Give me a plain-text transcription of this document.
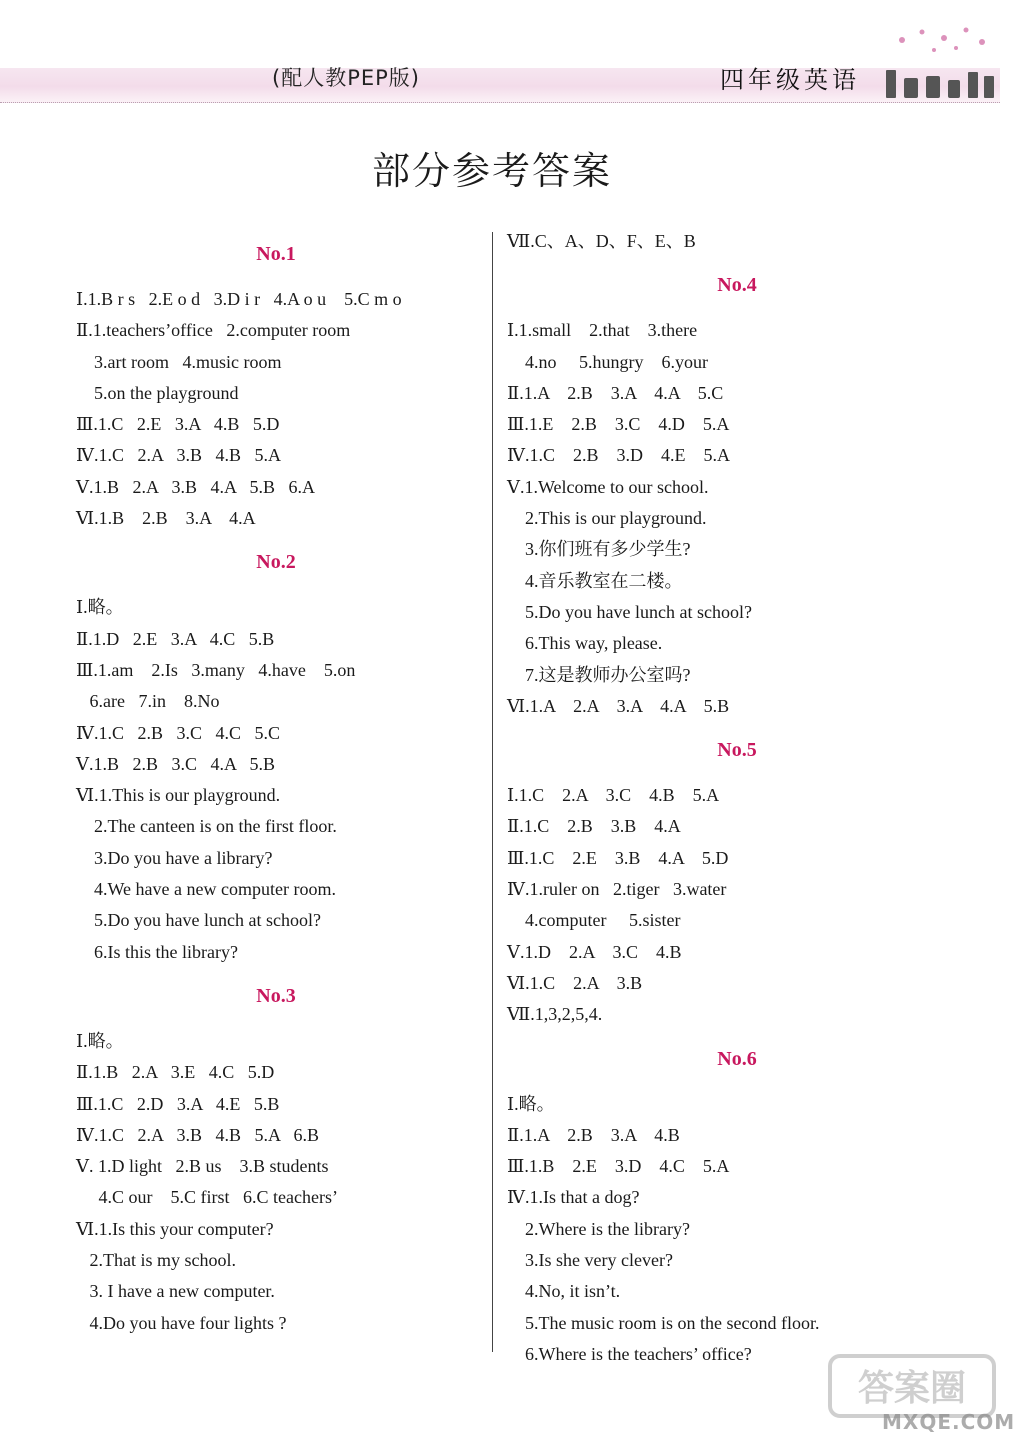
(配人教PEP版)	四年级英语
部分参考答案
No.1
Ⅰ.1.B r s   2.E o d   3.D i r   4.A o u    5.C m o
Ⅱ.1.teachers’office   2.computer room
3.art room   4.music room
5.on the playground
Ⅲ.1.C   2.E   3.A   4.B   5.D
Ⅳ.1.C   2.A   3.B   4.B   5.A
Ⅴ.1.B   2.A   3.B   4.A   5.B   6.A
Ⅵ.1.B    2.B    3.A    4.A
No.2
Ⅰ.略。
Ⅱ.1.D   2.E   3.A   4.C   5.B
Ⅲ.1.am    2.Is   3.many   4.have    5.on
6.are   7.in    8.No
Ⅳ.1.C   2.B   3.C   4.C   5.C
Ⅴ.1.B   2.B   3.C   4.A   5.B
Ⅵ.1.This is our playground.
2.The canteen is on the first floor.
3.Do you have a library?
4.We have a new computer room.
5.Do you have lunch at school?
6.Is this the library?
No.3
Ⅰ.略。
Ⅱ.1.B   2.A   3.E   4.C   5.D
Ⅲ.1.C   2.D   3.A   4.E   5.B
Ⅳ.1.C   2.A   3.B   4.B   5.A   6.B
Ⅴ. 1.D light   2.B us    3.B students
4.C our    5.C first   6.C teachers’
Ⅵ.1.Is this your computer?
2.That is my school.
3. I have a new computer.
4.Do you have four lights ?
Ⅶ.C、A、D、F、E、B
No.4
Ⅰ.1.small    2.that    3.there
4.no     5.hungry    6.your
Ⅱ.1.A    2.B    3.A    4.A    5.C
Ⅲ.1.E    2.B    3.C    4.D    5.A
Ⅳ.1.C    2.B    3.D    4.E    5.A
Ⅴ.1.Welcome to our school.
2.This is our playground.
3.你们班有多少学生?
4.音乐教室在二楼。
5.Do you have lunch at school?
6.This way, please.
7.这是教师办公室吗?
Ⅵ.1.A    2.A    3.A    4.A    5.B
No.5
Ⅰ.1.C    2.A    3.C    4.B    5.A
Ⅱ.1.C    2.B    3.B    4.A
Ⅲ.1.C    2.E    3.B    4.A    5.D
Ⅳ.1.ruler on   2.tiger   3.water
4.computer     5.sister
Ⅴ.1.D    2.A    3.C    4.B
Ⅵ.1.C    2.A    3.B
Ⅶ.1,3,2,5,4.
No.6
Ⅰ.略。
Ⅱ.1.A    2.B    3.A    4.B
Ⅲ.1.B    2.E    3.D    4.C    5.A
Ⅳ.1.Is that a dog?
2.Where is the library?
3.Is she very clever?
4.No, it isn’t.
5.The music room is on the second floor.
6.Where is the teachers’ office?
答案圈
MXQE.COM
